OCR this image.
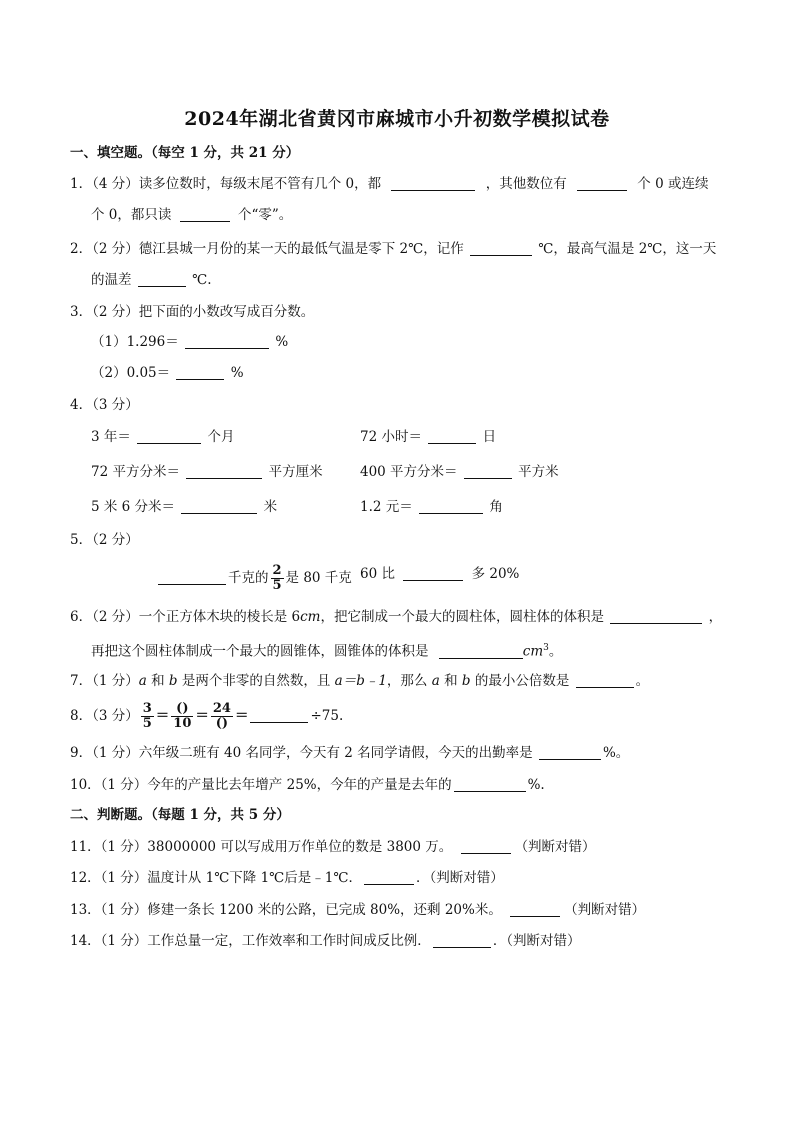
2024年湖北省黄冈市麻城市小升初数学模拟试卷
一、填空题。（每空 1 分，共 21 分）
1．（4 分）读多位数时，每级末尾不管有几个 0，都	，其他数位有	个 0 或连续
个 0，都只读	个“零”。
2．（2 分）德江县城一月份的某一天的最低气温是零下 2℃，记作	℃，最高气温是 2℃，这一天
的温差	℃.
3．（2 分）把下面的小数改写成百分数。
（1）1.296＝	%
（2）0.05＝	%
4．（3 分）
3 年＝	个月	72 小时＝	日
72 平方分米＝	平方厘米	400 平方分米＝	平方米
5 米 6 分米＝	米	1.2 元＝	角
5．（2 分）
千克的 $\frac{2}{5}$ 是 80 千克 60 比	多 20%
6．（2 分）一个正方体木块的棱长是 6cm，把它制成一个最大的圆柱体，圆柱体的体积是	，
再把这个圆柱体制成一个最大的圆锥体，圆锥体的体积是	$cm^3$。
7．（1 分）a 和 b 是两个非零的自然数，且 a＝b﹣1，那么 a 和 b 的最小公倍数是	。
8．（3 分） $\frac{3}{5} = \frac{()}{10} = \frac{24}{()}$ ＝	÷75.
9．（1 分）六年级二班有 40 名同学，今天有 2 名同学请假，今天的出勤率是	%。
10．（1 分）今年的产量比去年增产 25%，今年的产量是去年的	%.
二、判断题。（每题 1 分，共 5 分）
11．（1 分）38000000 可以写成用万作单位的数是 3800 万。	（判断对错）
12．（1 分）温度计从 1℃下降 1℃后是﹣1℃．	．（判断对错）
13．（1 分）修建一条长 1200 米的公路，已完成 80%，还剩 20%米。	（判断对错）
14．（1 分）工作总量一定，工作效率和工作时间成反比例．	．（判断对错）
